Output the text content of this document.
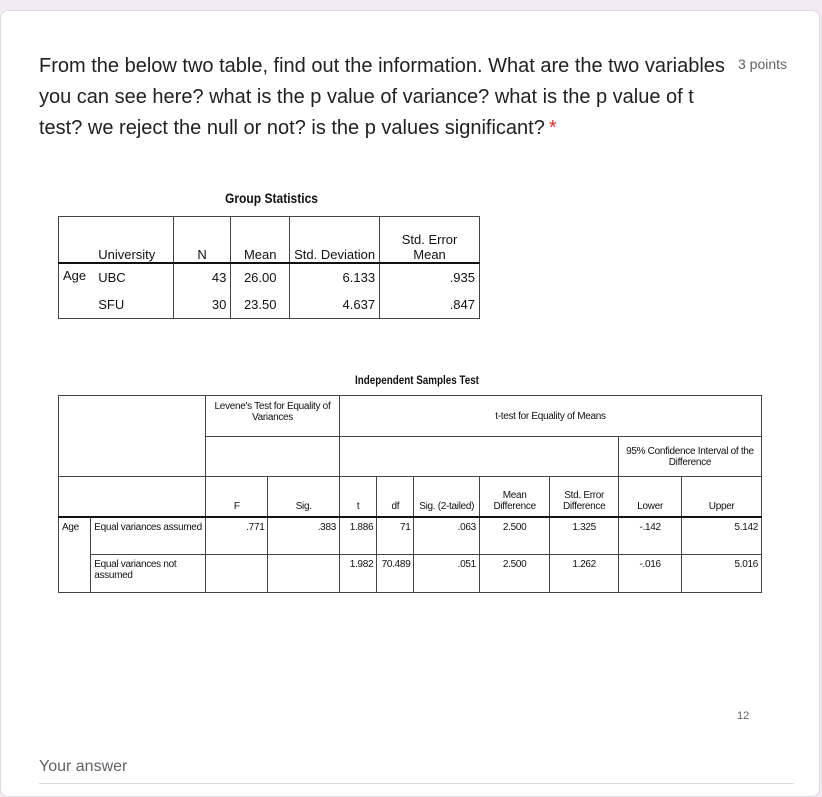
From the below two table, find out the information. What are the two variables you can see here? what is the p value of variance? what is the p value of t test? we reject the null or not? is the p values significant? *
3 points
Group Statistics
	University	N	Mean	Std. Deviation	Std. Error Mean
Age	UBC	43	26.00	6.133	.935
	SFU	30	23.50	4.637	.847
Independent Samples Test
		Levene's Test for Equality of Variances		t-test for Equality of Means						
									95% Confidence Interval of the Difference	

		F	Sig.	t	df	Sig. (2-tailed)	Mean Difference	Std. Error Difference	Lower	Upper
Age	Equal variances assumed	.771	.383	1.886	71	.063	2.500	1.325	-.142	5.142
	Equal variances not assumed			1.982	70.489	.051	2.500	1.262	-.016	5.016
12
Your answer
